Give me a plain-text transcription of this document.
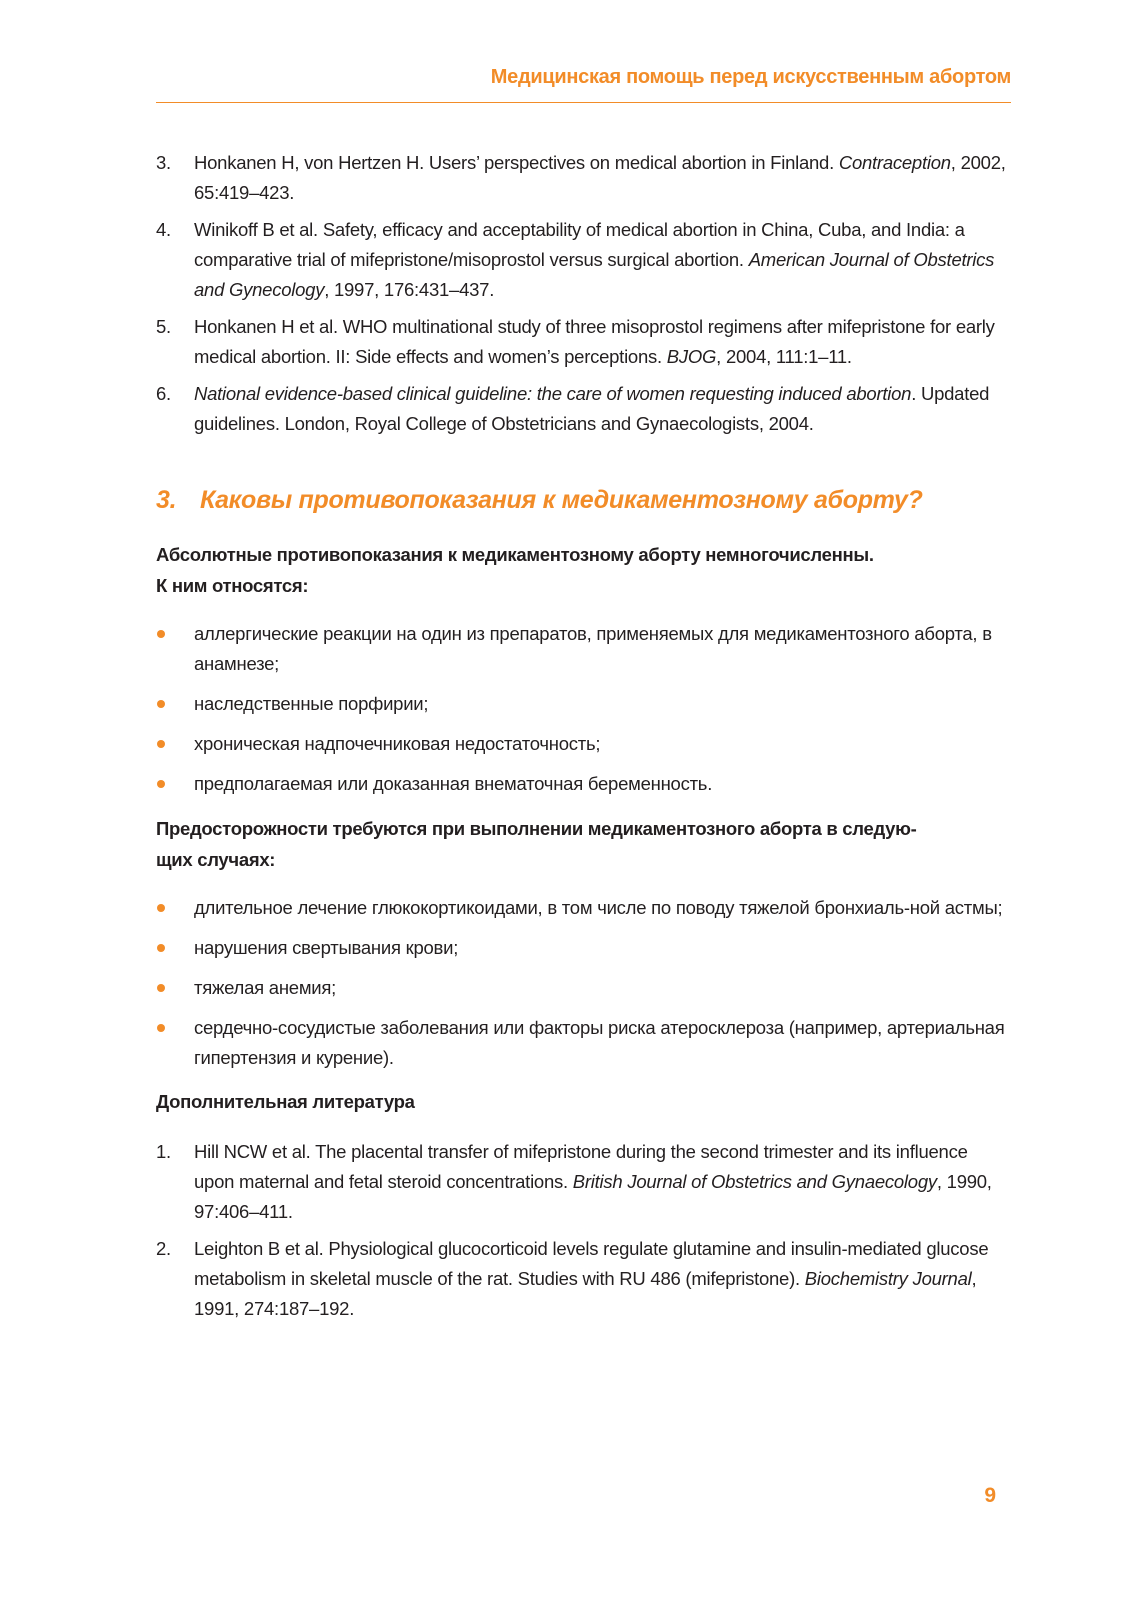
Медицинская помощь перед искусственным абортом
3. Honkanen H, von Hertzen H. Users’ perspectives on medical abortion in Finland. Contraception, 2002, 65:419–423.
4. Winikoff B et al. Safety, efficacy and acceptability of medical abortion in China, Cuba, and India: a comparative trial of mifepristone/misoprostol versus surgical abortion. American Journal of Obstetrics and Gynecology, 1997, 176:431–437.
5. Honkanen H et al. WHO multinational study of three misoprostol regimens after mifepristone for early medical abortion. II: Side effects and women’s perceptions. BJOG, 2004, 111:1–11.
6. National evidence-based clinical guideline: the care of women requesting induced abortion. Updated guidelines. London, Royal College of Obstetricians and Gynaecologists, 2004.
3. Каковы противопоказания к медикаментозному аборту?

Абсолютные противопоказания к медикаментозному аборту немногочисленны.
К ним относятся:

аллергические реакции на один из препаратов, применяемых для медикаментозного аборта, в анамнезе;
наследственные порфирии;
хроническая надпочечниковая недостаточность;
предполагаемая или доказанная внематочная беременность.

Предосторожности требуются при выполнении медикаментозного аборта в следую-
щих случаях:

длительное лечение глюкокортикоидами, в том числе по поводу тяжелой бронхиаль-ной астмы;
нарушения свертывания крови;
тяжелая анемия;
сердечно-сосудистые заболевания или факторы риска атеросклероза (например, артериальная гипертензия и курение).

Дополнительная литература

1. Hill NCW et al. The placental transfer of mifepristone during the second trimester and its influence upon maternal and fetal steroid concentrations. British Journal of Obstetrics and Gynaecology, 1990, 97:406–411.
2. Leighton B et al. Physiological glucocorticoid levels regulate glutamine and insulin-mediated glucose metabolism in skeletal muscle of the rat. Studies with RU 486 (mifepristone). Biochemistry Journal, 1991, 274:187–192.
9
